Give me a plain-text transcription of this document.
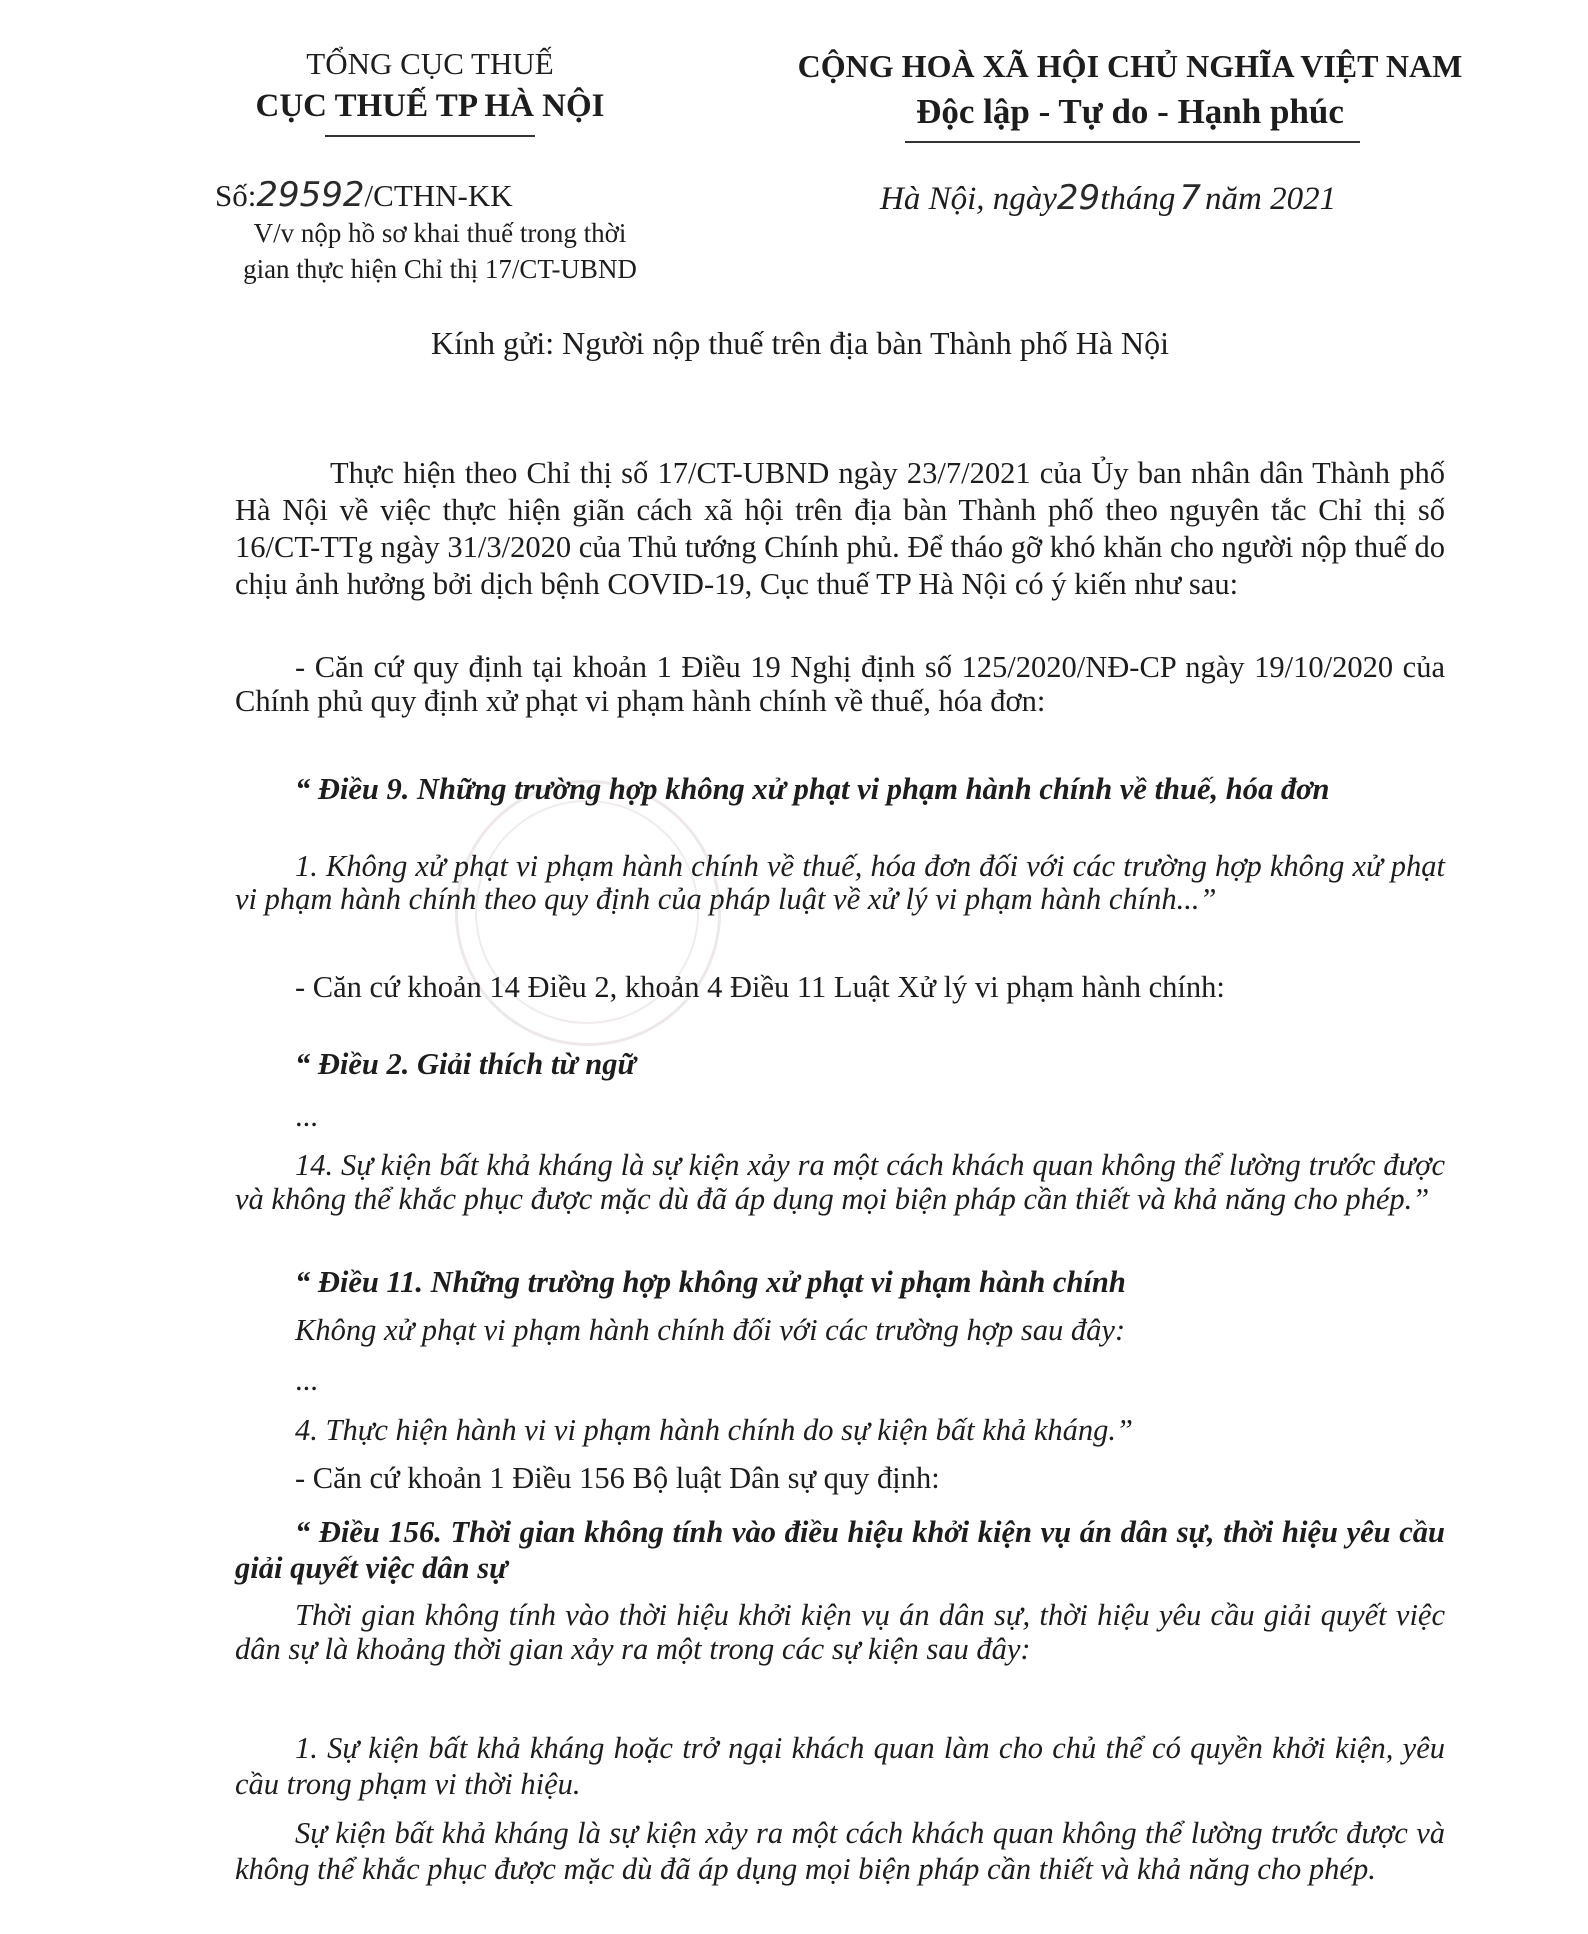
TỔNG CỤC THUẾ
CỤC THUẾ TP HÀ NỘI
CỘNG HOÀ XÃ HỘI CHỦ NGHĨA VIỆT NAM
Độc lập - Tự do - Hạnh phúc
Số:29592/CTHN-KK
V/v nộp hồ sơ khai thuế trong thời
gian thực hiện Chỉ thị 17/CT-UBND
Hà Nội, ngày29tháng 7 năm 2021
Kính gửi: Người nộp thuế trên địa bàn Thành phố Hà Nội
Thực hiện theo Chỉ thị số 17/CT-UBND ngày 23/7/2021 của Ủy ban nhân dân Thành phố Hà Nội về việc thực hiện giãn cách xã hội trên địa bàn Thành phố theo nguyên tắc Chỉ thị số 16/CT-TTg ngày 31/3/2020 của Thủ tướng Chính phủ. Để tháo gỡ khó khăn cho người nộp thuế do chịu ảnh hưởng bởi dịch bệnh COVID-19, Cục thuế TP Hà Nội có ý kiến như sau:
- Căn cứ quy định tại khoản 1 Điều 19 Nghị định số 125/2020/NĐ-CP ngày 19/10/2020 của Chính phủ quy định xử phạt vi phạm hành chính về thuế, hóa đơn:
“ Điều 9. Những trường hợp không xử phạt vi phạm hành chính về thuế, hóa đơn
1. Không xử phạt vi phạm hành chính về thuế, hóa đơn đối với các trường hợp không xử phạt vi phạm hành chính theo quy định của pháp luật về xử lý vi phạm hành chính...”
- Căn cứ khoản 14 Điều 2, khoản 4 Điều 11 Luật Xử lý vi phạm hành chính:
“ Điều 2. Giải thích từ ngữ
...
14. Sự kiện bất khả kháng là sự kiện xảy ra một cách khách quan không thể lường trước được và không thể khắc phục được mặc dù đã áp dụng mọi biện pháp cần thiết và khả năng cho phép.”
“ Điều 11. Những trường hợp không xử phạt vi phạm hành chính
Không xử phạt vi phạm hành chính đối với các trường hợp sau đây:
...
4. Thực hiện hành vi vi phạm hành chính do sự kiện bất khả kháng.”
- Căn cứ khoản 1 Điều 156 Bộ luật Dân sự quy định:
“ Điều 156. Thời gian không tính vào điều hiệu khởi kiện vụ án dân sự, thời hiệu yêu cầu giải quyết việc dân sự
Thời gian không tính vào thời hiệu khởi kiện vụ án dân sự, thời hiệu yêu cầu giải quyết việc dân sự là khoảng thời gian xảy ra một trong các sự kiện sau đây:
1. Sự kiện bất khả kháng hoặc trở ngại khách quan làm cho chủ thể có quyền khởi kiện, yêu cầu trong phạm vi thời hiệu.
Sự kiện bất khả kháng là sự kiện xảy ra một cách khách quan không thể lường trước được và không thể khắc phục được mặc dù đã áp dụng mọi biện pháp cần thiết và khả năng cho phép.
